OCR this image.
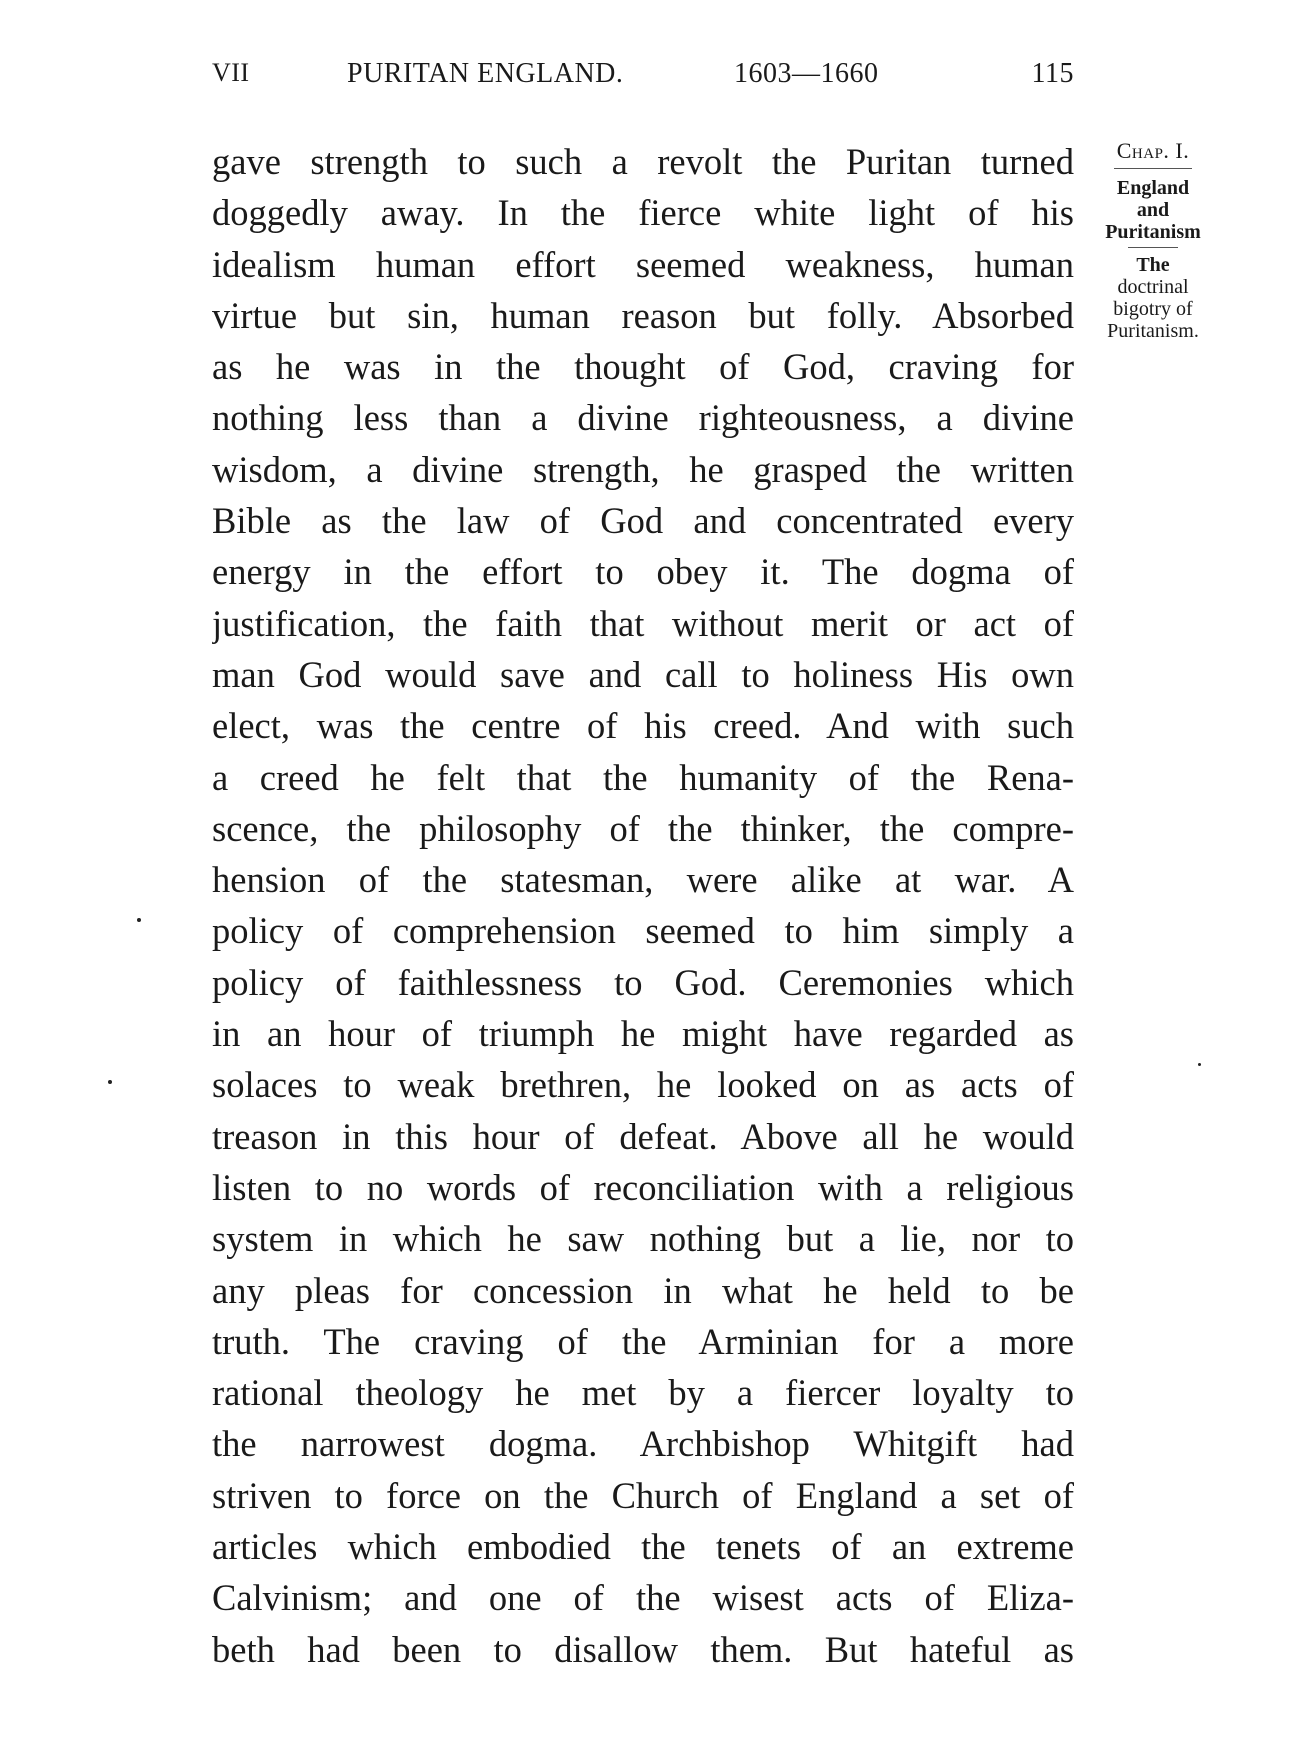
VII	PURITAN ENGLAND.	1603—1660	115
gave strength to such a revolt the Puritan turned
doggedly away. In the fierce white light of his
idealism human effort seemed weakness, human
virtue but sin, human reason but folly. Absorbed
as he was in the thought of God, craving for
nothing less than a divine righteousness, a divine
wisdom, a divine strength, he grasped the written
Bible as the law of God and concentrated every
energy in the effort to obey it. The dogma of
justification, the faith that without merit or act of
man God would save and call to holiness His own
elect, was the centre of his creed. And with such
a creed he felt that the humanity of the Rena-
scence, the philosophy of the thinker, the compre-
hension of the statesman, were alike at war. A
policy of comprehension seemed to him simply a
policy of faithlessness to God. Ceremonies which
in an hour of triumph he might have regarded as
solaces to weak brethren, he looked on as acts of
treason in this hour of defeat. Above all he would
listen to no words of reconciliation with a religious
system in which he saw nothing but a lie, nor to
any pleas for concession in what he held to be
truth. The craving of the Arminian for a more
rational theology he met by a fiercer loyalty to
the narrowest dogma. Archbishop Whitgift had
striven to force on the Church of England a set of
articles which embodied the tenets of an extreme
Calvinism; and one of the wisest acts of Eliza-
beth had been to disallow them. But hateful as
Chap. I.
England
and
Puritanism
The
doctrinal
bigotry of
Puritanism.
